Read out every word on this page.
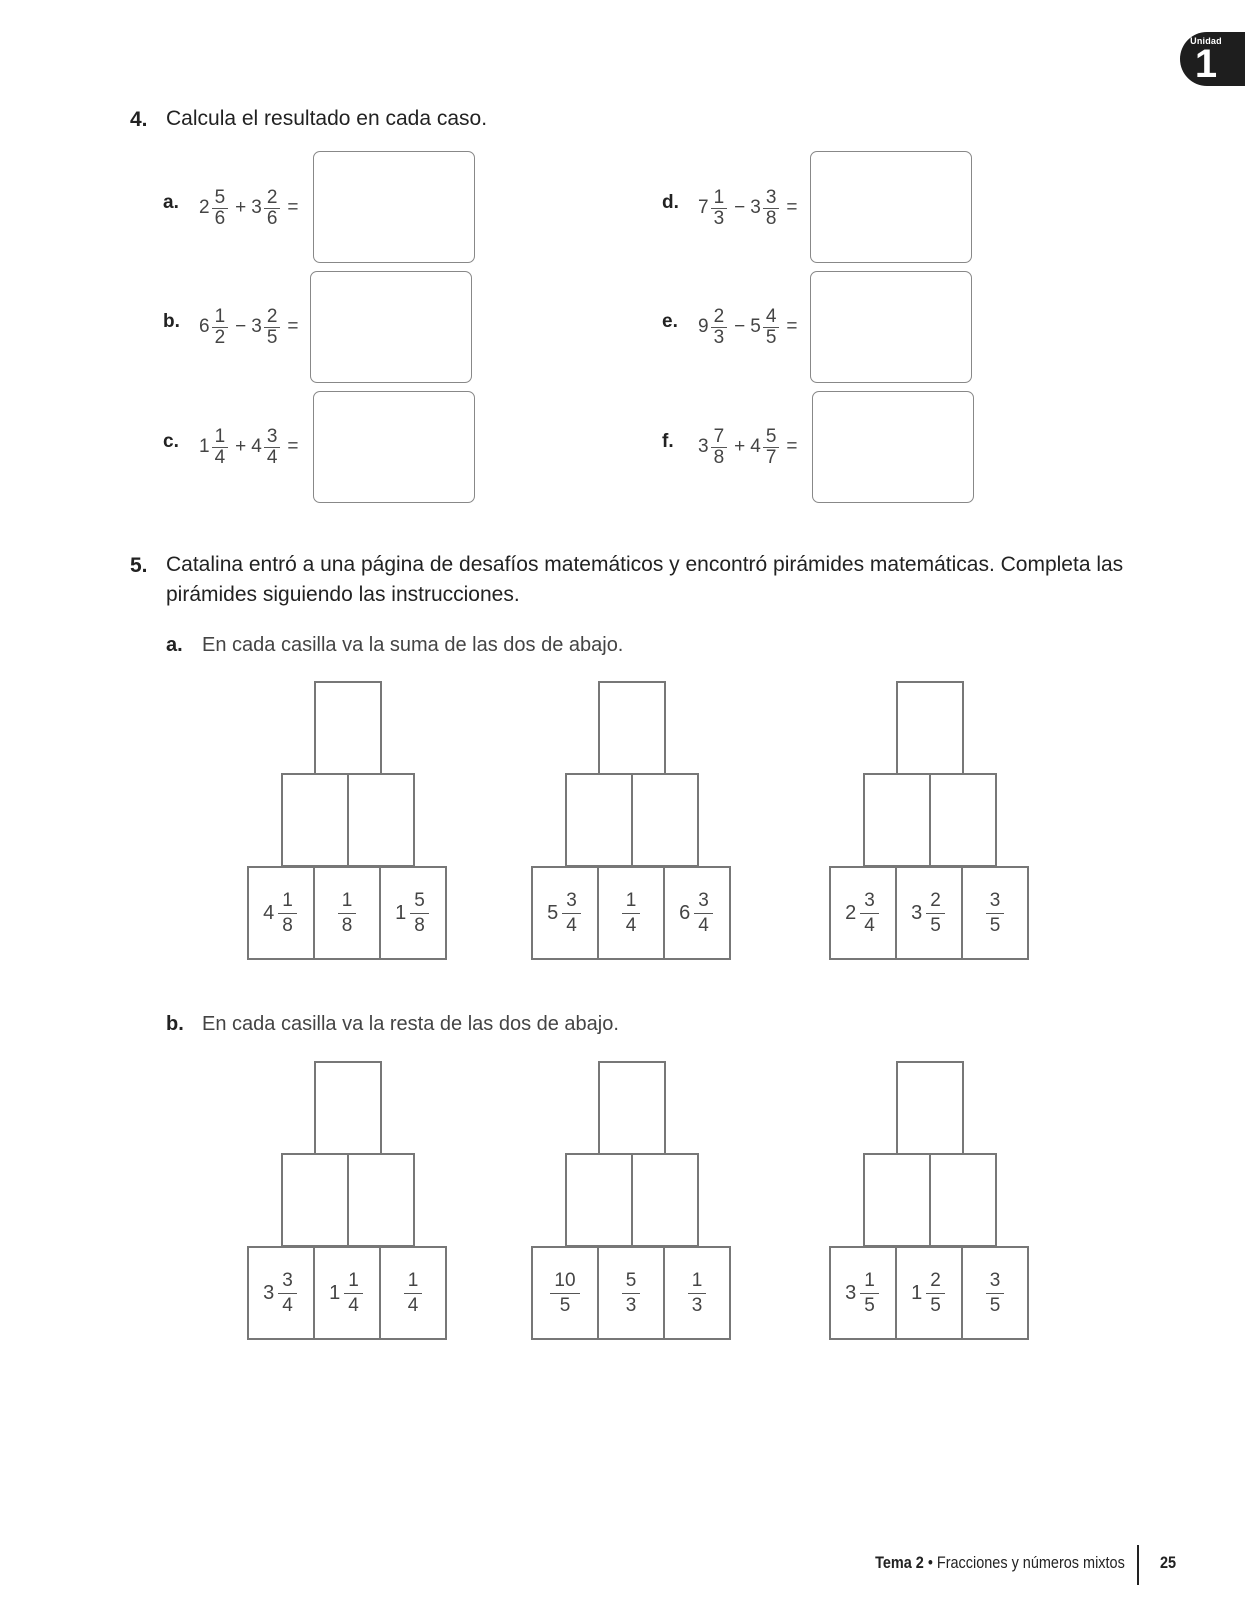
Unidad
1
4. Calcula el resultado en cada caso.
a. $2 \frac{5}{6} + 3 \frac{2}{6}$ =
b. $6 \frac{1}{2} - 3 \frac{2}{5}$ =
c. $1 \frac{1}{4} + 4 \frac{3}{4}$ =
d. $7 \frac{1}{3} - 3 \frac{3}{8}$ =
e. $9 \frac{2}{3} - 5 \frac{4}{5}$ =
f. $3 \frac{7}{8} + 4 \frac{5}{7}$ =
5. Catalina entró a una página de desafíos matemáticos y encontró pirámides matemáticas. Completa las pirámides siguiendo las instrucciones.
a. En cada casilla va la suma de las dos de abajo.
b. En cada casilla va la resta de las dos de abajo.
$4 \frac{1}{8} \frac{1}{8} 1 \frac{5}{8}$	$5 \frac{3}{4} \frac{1}{4} 6 \frac{3}{4}$	$2 \frac{3}{4} 3 \frac{2}{5} \frac{3}{5}$
$3 \frac{3}{4} 1 \frac{1}{4} \frac{1}{4}$	$\frac{10}{5} \frac{5}{3} \frac{1}{3}$	$3 \frac{1}{5} 1 \frac{2}{5} \frac{3}{5}$
Tema 2 • Fracciones y números mixtos 25
